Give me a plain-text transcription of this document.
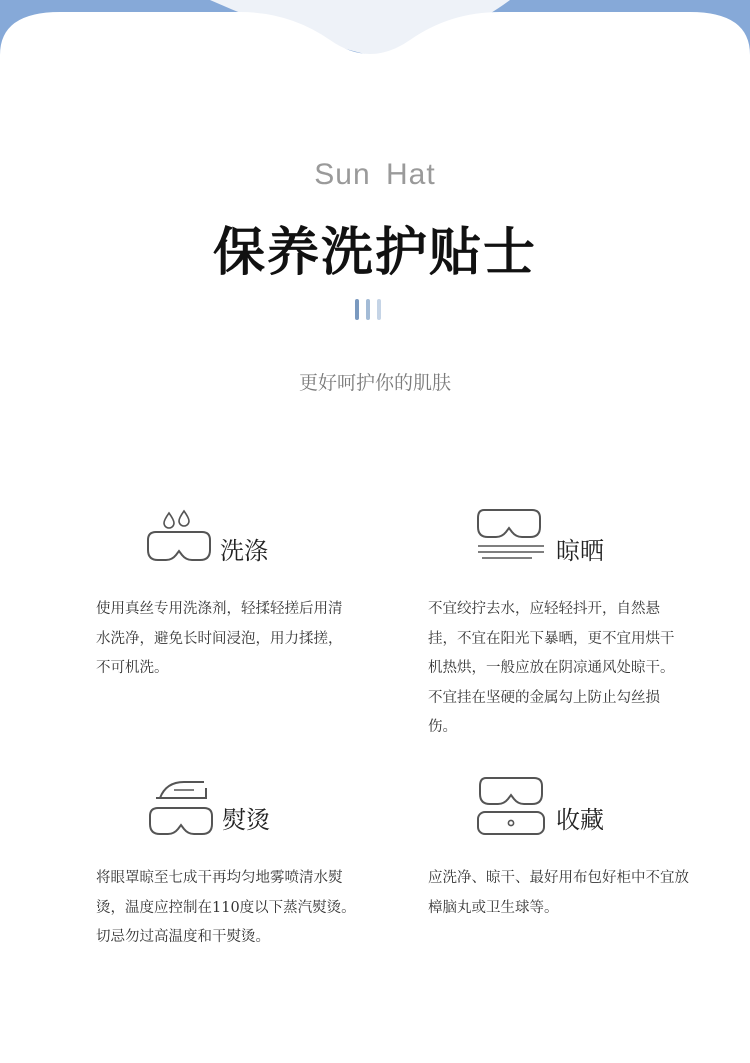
Sun Hat
保养洗护贴士
更好呵护你的肌肤
洗涤
使用真丝专用洗涤剂，轻揉轻搓后用清水洗净，避免长时间浸泡，用力揉搓，不可机洗。
晾晒
不宜绞拧去水，应轻轻抖开，自然悬挂，不宜在阳光下暴晒，更不宜用烘干机热烘，一般应放在阴凉通风处晾干。不宜挂在坚硬的金属勾上防止勾丝损伤。
熨烫
将眼罩晾至七成干再均匀地雾喷清水熨烫，温度应控制在110度以下蒸汽熨烫。切忌勿过高温度和干熨烫。
收藏
应洗净、晾干、最好用布包好柜中不宜放樟脑丸或卫生球等。
